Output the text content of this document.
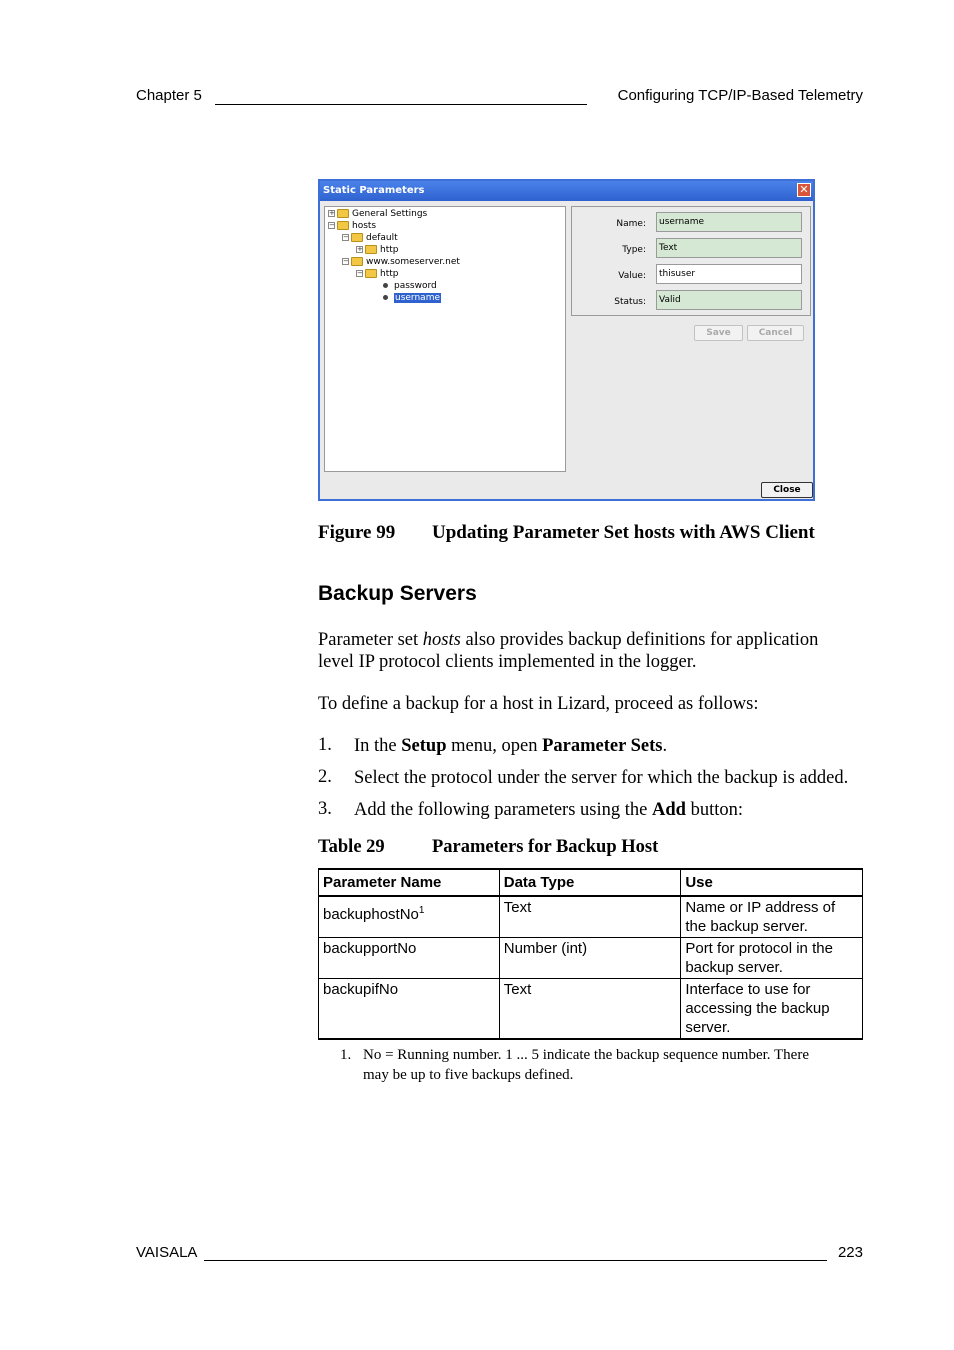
Chapter 5	Configuring TCP/IP-Based Telemetry
Static Parameters	✕
+ General Settings
− hosts
− default
+ http
− www.someserver.net
− http
password
username
Name:	username
Type:	Text
Value:	thisuser
Status:	Valid
Save	Cancel
Close
Figure 99 Updating Parameter Set hosts with AWS Client
Backup Servers
Parameter set hosts also provides backup definitions for application
level IP protocol clients implemented in the logger.
To define a backup for a host in Lizard, proceed as follows:
1. In the Setup menu, open Parameter Sets.
2. Select the protocol under the server for which the backup is added.
3. Add the following parameters using the Add button:
Table 29	Parameters for Backup Host
Parameter Name	Data Type	Use
backuphostNo$^1$	Text	Name or IP address of
the backup server.

backupportNo	Number (int)	Port for protocol in the
backup server.

backupifNo	Text	Interface to use for
accessing the backup
server.
1. No = Running number. 1 ... 5 indicate the backup sequence number. There
may be up to five backups defined.
VAISALA	223
